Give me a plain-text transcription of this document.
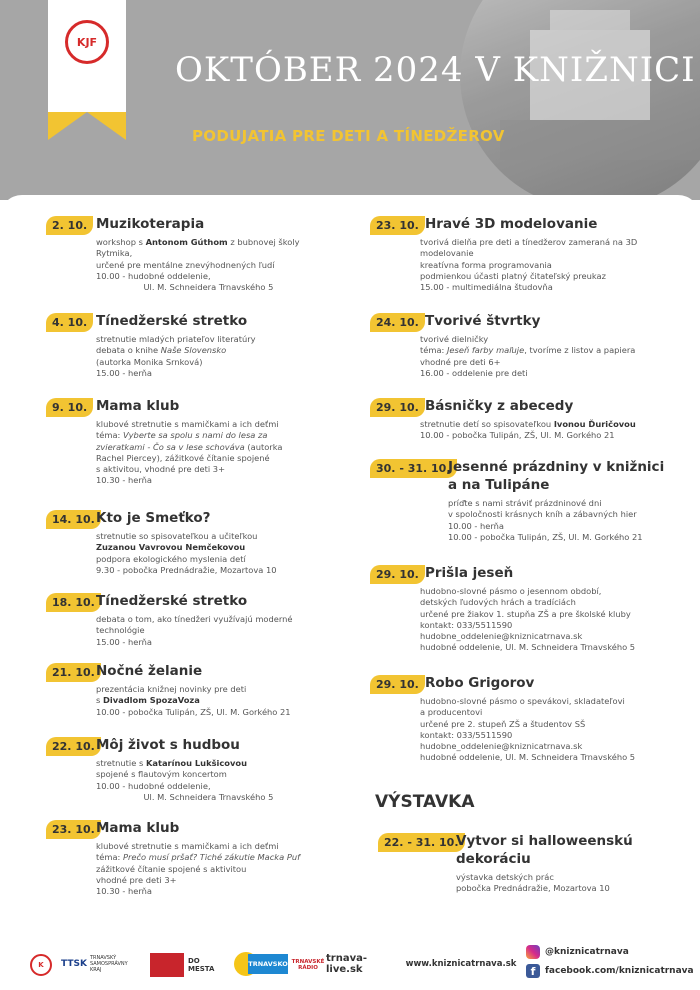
KJF
OKTÓBER 2024 V KNIŽNICI
PODUJATIA PRE DETI A TÍNEDŽEROV
2. 10. Muzikoterapia
workshop s Antonom Gúthom z bubnovej školy
Rytmika,
určené pre mentálne znevýhodnených ľudí
10.00 - hudobné oddelenie,
Ul. M. Schneidera Trnavského 5
4. 10. Tínedžerské stretko
stretnutie mladých priateľov literatúry
debata o knihe Naše Slovensko
(autorka Monika Srnková)
15.00 - herňa
9. 10. Mama klub
klubové stretnutie s mamičkami a ich deťmi
téma: Vyberte sa spolu s nami do lesa za
zvieratkami - Čo sa v lese schováva (autorka
Rachel Piercey), zážitkové čítanie spojené
s aktivitou, vhodné pre deti 3+
10.30 - herňa
14. 10. Kto je Smeťko?
stretnutie so spisovateľkou a učiteľkou
Zuzanou Vavrovou Nemčekovou
podpora ekologického myslenia detí
9.30 - pobočka Prednádražie, Mozartova 10
18. 10. Tínedžerské stretko
debata o tom, ako tínedžeri využívajú moderné
technológie
15.00 - herňa
21. 10. Nočné želanie
prezentácia knižnej novinky pre deti
s Divadlom SpozaVoza
10.00 - pobočka Tulipán, ZŠ, Ul. M. Gorkého 21
22. 10. Môj život s hudbou
stretnutie s Katarínou Lukšicovou
spojené s flautovým koncertom
10.00 - hudobné oddelenie,
Ul. M. Schneidera Trnavského 5
23. 10. Mama klub
klubové stretnutie s mamičkami a ich deťmi
téma: Prečo musí pršať? Tiché zákutie Macka Puf
zážitkové čítanie spojené s aktivitou
vhodné pre deti 3+
10.30 - herňa
23. 10. Hravé 3D modelovanie
tvorivá dielňa pre deti a tínedžerov zameraná na 3D
modelovanie
kreatívna forma programovania
podmienkou účasti platný čitateľský preukaz
15.00 - multimediálna študovňa
24. 10. Tvorivé štvrtky
tvorivé dielničky
téma: Jeseň farby maľuje, tvoríme z listov a papiera
vhodné pre deti 6+
16.00 - oddelenie pre deti
29. 10. Básničky z abecedy
stretnutie detí so spisovateľkou Ivonou Ďuričovou
10.00 - pobočka Tulipán, ZŠ, Ul. M. Gorkého 21
30. - 31. 10.
Jesenné prázdniny v knižnici
a na Tulipáne
príďte s nami stráviť prázdninové dni
v spoločnosti krásnych kníh a zábavných hier
10.00 - herňa
10.00 - pobočka Tulipán, ZŠ, Ul. M. Gorkého 21
29. 10. Prišla jeseň
hudobno-slovné pásmo o jesennom období,
detských ľudových hrách a tradíciách
určené pre žiakov 1. stupňa ZŠ a pre školské kluby
kontakt: 033/5511590
hudobne_oddelenie@kniznicatrnava.sk
hudobné oddelenie, Ul. M. Schneidera Trnavského 5
29. 10. Robo Grigorov
hudobno-slovné pásmo o spevákovi, skladateľovi
a producentovi
určené pre 2. stupeň ZŠ a študentov SŠ
kontakt: 033/5511590
hudobne_oddelenie@kniznicatrnava.sk
hudobné oddelenie, Ul. M. Schneidera Trnavského 5
VÝSTAVKA
22. - 31. 10.
Vytvor si halloweenskú
dekoráciu
výstavka detských prác
pobočka Prednádražie, Mozartova 10
K	TTSK
TRNAVSKÝ SAMOSPRÁVNY KRAJ
DO MESTA
TRNAVSKO TRNAVSKÉ RÁDIO
trnava-live.sk	www.kniznicatrnava.sk
@kniznicatrnava
f	facebook.com/kniznicatrnava
